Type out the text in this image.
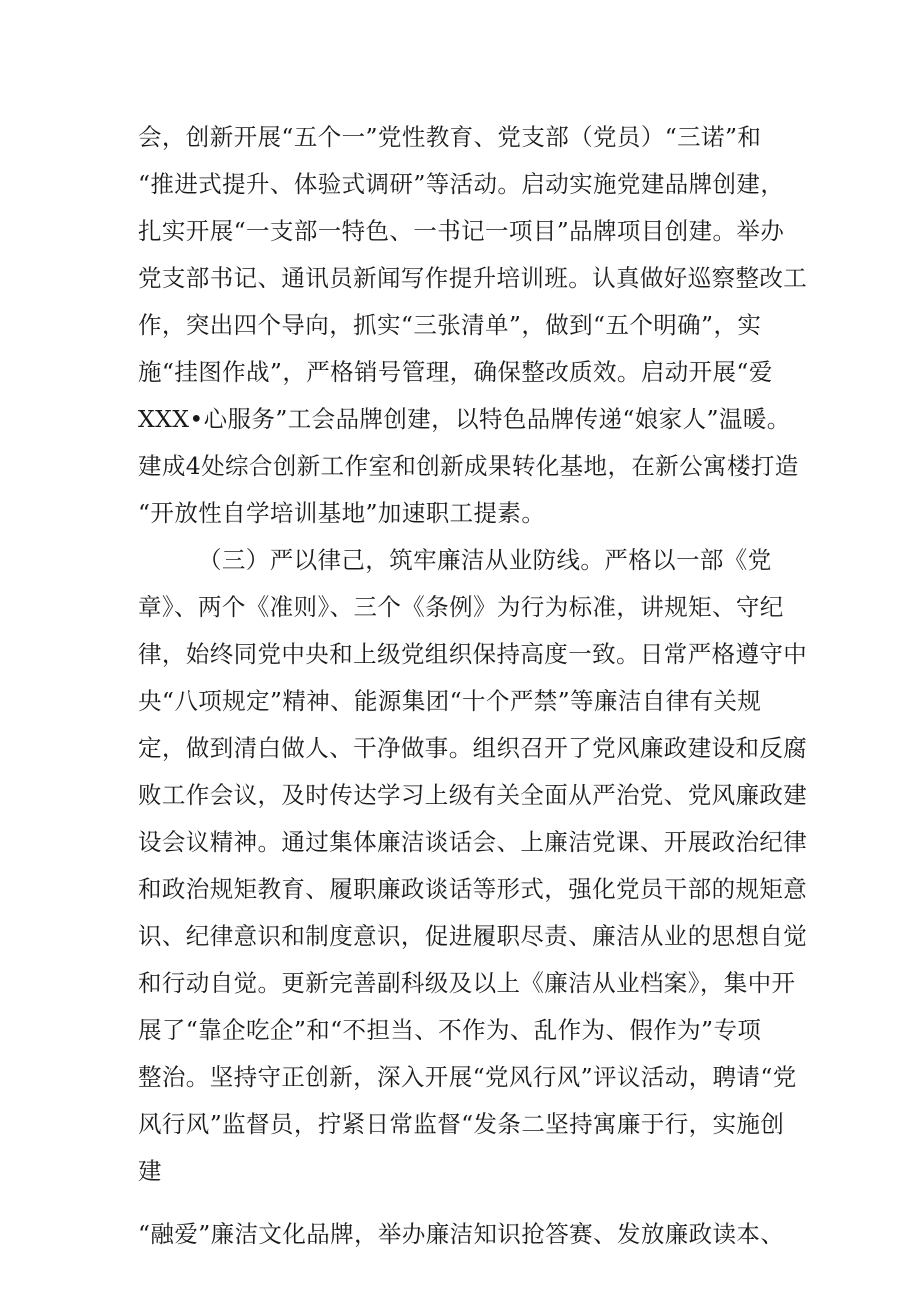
会，创新开展“五个一”党性教育、党支部（党员）“三诺”和
“推进式提升、体验式调研”等活动。启动实施党建品牌创建，
扎实开展“一支部一特色、一书记一项目”品牌项目创建。举办
党支部书记、通讯员新闻写作提升培训班。认真做好巡察整改工
作，突出四个导向，抓实“三张清单”，做到“五个明确”，实
施“挂图作战”，严格销号管理，确保整改质效。启动开展“爱
XXX•心服务”工会品牌创建，以特色品牌传递“娘家人”温暖。
建成4处综合创新工作室和创新成果转化基地，在新公寓楼打造
“开放性自学培训基地”加速职工提素。
（三）严以律己，筑牢廉洁从业防线。严格以一部《党
章》、两个《准则》、三个《条例》为行为标准，讲规矩、守纪
律，始终同党中央和上级党组织保持高度一致。日常严格遵守中
央“八项规定”精神、能源集团“十个严禁”等廉洁自律有关规
定，做到清白做人、干净做事。组织召开了党风廉政建设和反腐
败工作会议，及时传达学习上级有关全面从严治党、党风廉政建
设会议精神。通过集体廉洁谈话会、上廉洁党课、开展政治纪律
和政治规矩教育、履职廉政谈话等形式，强化党员干部的规矩意
识、纪律意识和制度意识，促进履职尽责、廉洁从业的思想自觉
和行动自觉。更新完善副科级及以上《廉洁从业档案》，集中开
展了“靠企吃企”和“不担当、不作为、乱作为、假作为”专项
整治。坚持守正创新，深入开展“党风行风”评议活动，聘请“党
风行风”监督员，拧紧日常监督“发条二坚持寓廉于行，实施创
建
“融爱”廉洁文化品牌，举办廉洁知识抢答赛、发放廉政读本、
